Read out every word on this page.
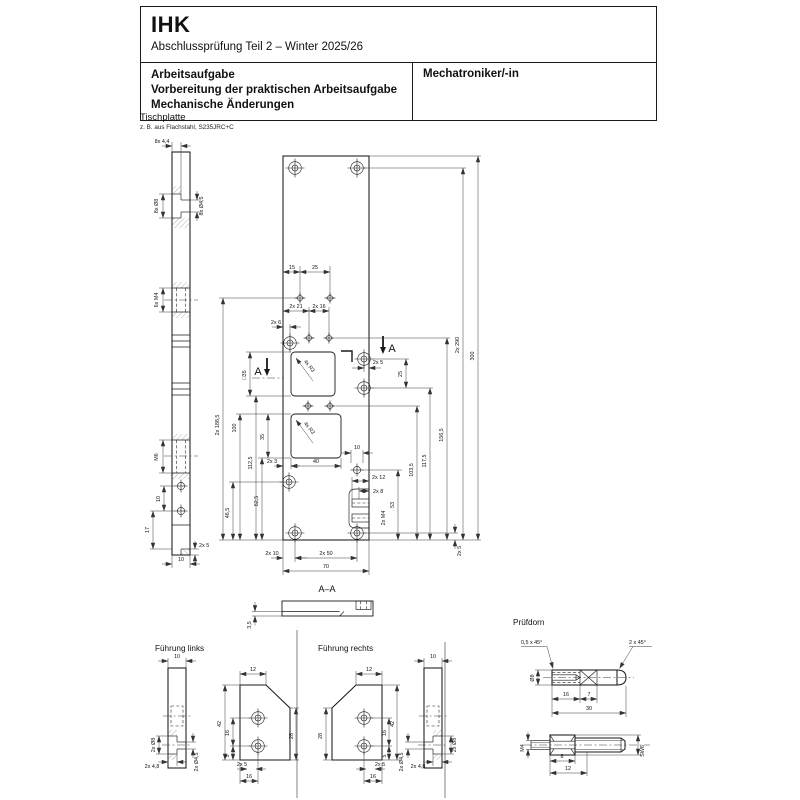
IHK
Abschlussprüfung Teil 2 – Winter 2025/26
Arbeitsaufgabe
Vorbereitung der praktischen Arbeitsaufgabe
Mechanische Änderungen
Mechatroniker/-in
Tischplatte
z. B. aus Flachstahl, S235JRC+C
8x 4,4
8x Ø8	8x Ø4,5
6x M4
M6
10
17
2x 5
10
4x R3
4x R3
A
A
15	25
2x 21 2x 16
2x 6
2x 5
25
2x 3	40
10
2x 12
2x 8
2x M4
53
103,5
117,5
156,5
2x 290
300
2x 5
2x 188,5 100
112,5
46,5
62,5
35
□35
2x 10	2x 50
70
A–A
3,5
Führung links
10
2x Ø8
2x Ø4,5
2x 4,8
12
42
16
5
28
2x 5
16
Führung rechts
12
28	16
5
42
2x 5
16
10
2x Ø4,5 2x 4,8
2x Ø8
Prüfdorn
Ø8
0,5 x 45°	2 x 45°
16	7
30
M4
8
12
SW6
